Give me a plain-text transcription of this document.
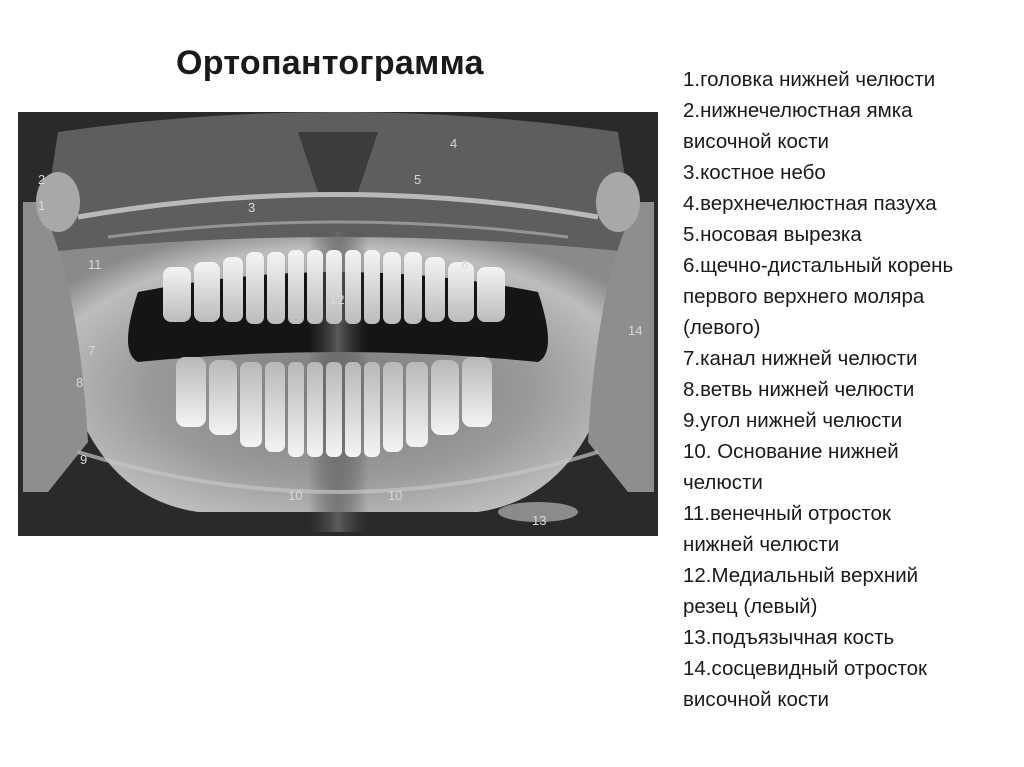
Ортопантограмма
1
2
3
4
5
6
7
8
9
10	10
11
12
13
14
1.головка нижней челюсти
2.нижнечелюстная ямка
височной кости
3.костное небо
4.верхнечелюстная пазуха
5.носовая вырезка
6.щечно-дистальный корень
первого верхнего моляра
(левого)
7.канал нижней челюсти
8.ветвь нижней челюсти
9.угол нижней челюсти
10. Основание нижней
челюсти
11.венечный отросток
нижней челюсти
12.Медиальный верхний
резец (левый)
13.подъязычная кость
14.сосцевидный отросток
височной кости
